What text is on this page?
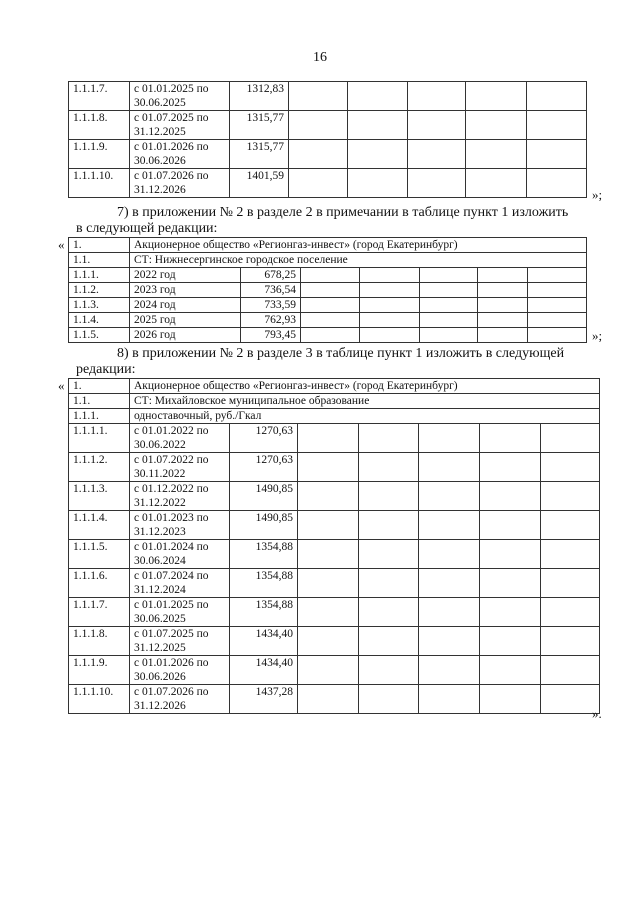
16
1.1.1.7.	с 01.01.2025 по
30.06.2025	1312,83					
1.1.1.8.	с 01.07.2025 по
31.12.2025	1315,77					
1.1.1.9.	с 01.01.2026 по
30.06.2026	1315,77					
1.1.1.10.	с 01.07.2026 по
31.12.2026	1401,59					
»;
7) в приложении № 2 в разделе 2 в примечании в таблице пункт 1 изложить
в следующей редакции:
« 1.	Акционерное общество «Регионгаз-инвест» (город Екатеринбург)						
1.1.	СТ: Нижнесергинское городское поселение						
1.1.1.	2022 год	678,25					
1.1.2.	2023 год	736,54					
1.1.3.	2024 год	733,59					
1.1.4.	2025 год	762,93					
1.1.5.	2026 год	793,45						»;
8) в приложении № 2 в разделе 3 в таблице пункт 1 изложить в следующей
редакции:
« 1.	Акционерное общество «Регионгаз-инвест» (город Екатеринбург)						
1.1.	СТ: Михайловское муниципальное образование						
1.1.1.	одноставочный, руб./Гкал						
1.1.1.1.	с 01.01.2022 по
30.06.2022	1270,63					
1.1.1.2.	с 01.07.2022 по
30.11.2022	1270,63					
1.1.1.3.	с 01.12.2022 по
31.12.2022	1490,85					
1.1.1.4.	с 01.01.2023 по
31.12.2023	1490,85					
1.1.1.5.	с 01.01.2024 по
30.06.2024	1354,88					
1.1.1.6.	с 01.07.2024 по
31.12.2024	1354,88					
1.1.1.7.	с 01.01.2025 по
30.06.2025	1354,88					
1.1.1.8.	с 01.07.2025 по
31.12.2025	1434,40					
1.1.1.9.	с 01.01.2026 по
30.06.2026	1434,40					
1.1.1.10.	с 01.07.2026 по
31.12.2026	1437,28					
».
